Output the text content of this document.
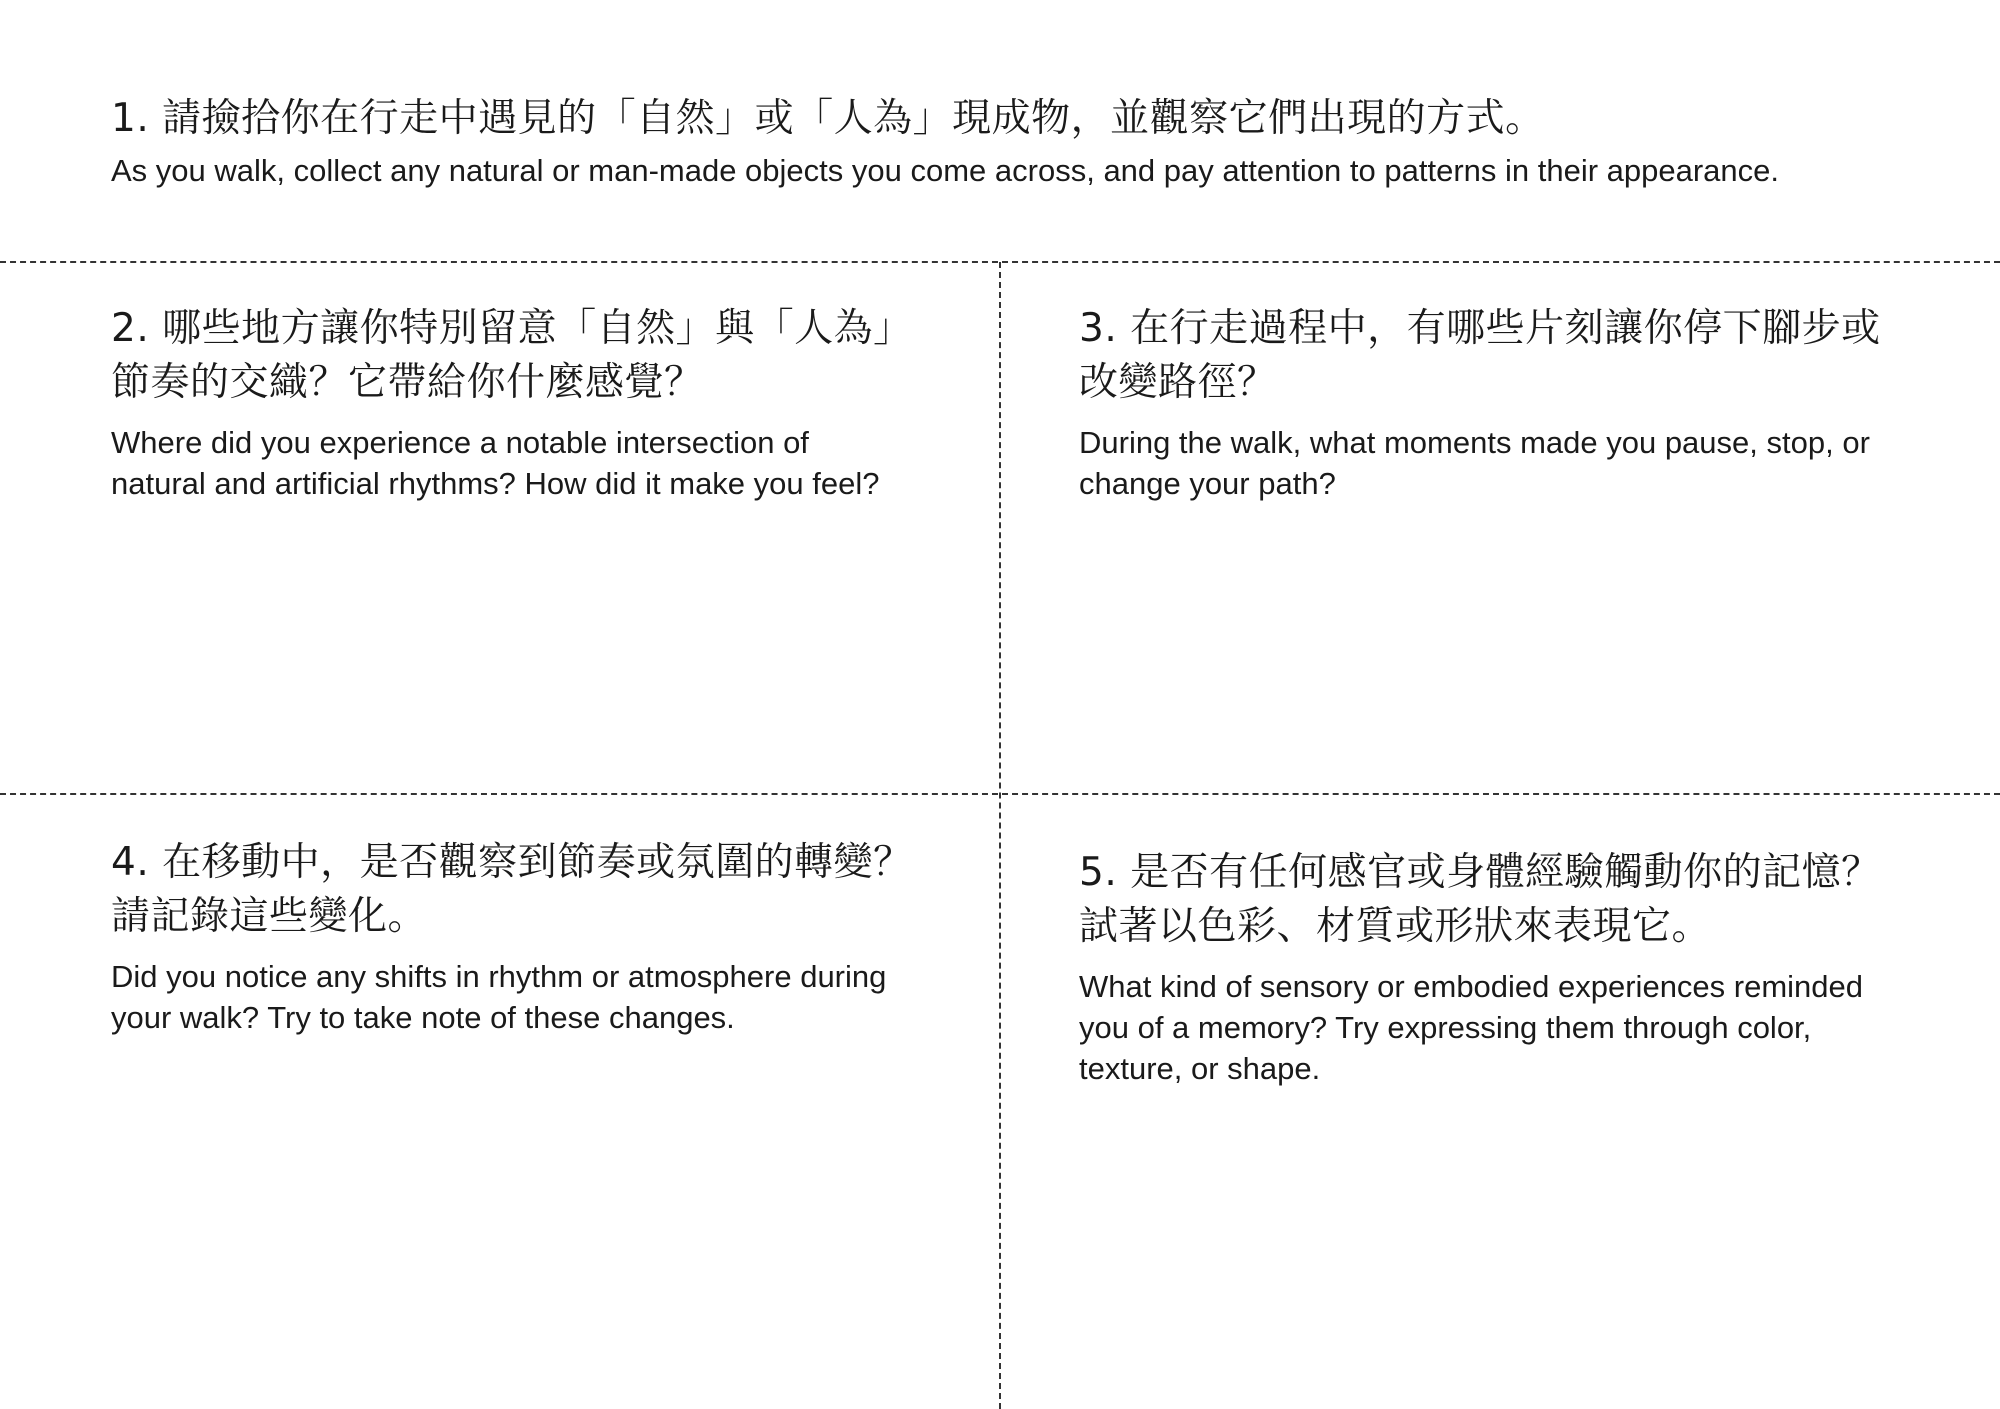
1. 請撿拾你在行走中遇見的「自然」或「人為」現成物，並觀察它們出現的方式。

As you walk, collect any natural or man-made objects you come across, and pay attention to patterns in their appearance.

2. 哪些地方讓你特別留意「自然」與「人為」

節奏的交織？它帶給你什麼感覺？

Where did you experience a notable intersection of
natural and artificial rhythms? How did it make you feel?

3. 在行走過程中，有哪些片刻讓你停下腳步或

改變路徑？

During the walk, what moments made you pause, stop, or
change your path?

4. 在移動中，是否觀察到節奏或氛圍的轉變？

請記錄這些變化。

Did you notice any shifts in rhythm or atmosphere during
your walk? Try to take note of these changes.

5. 是否有任何感官或身體經驗觸動你的記憶？

試著以色彩、材質或形狀來表現它。

What kind of sensory or embodied experiences reminded
you of a memory? Try expressing them through color,
texture, or shape.
